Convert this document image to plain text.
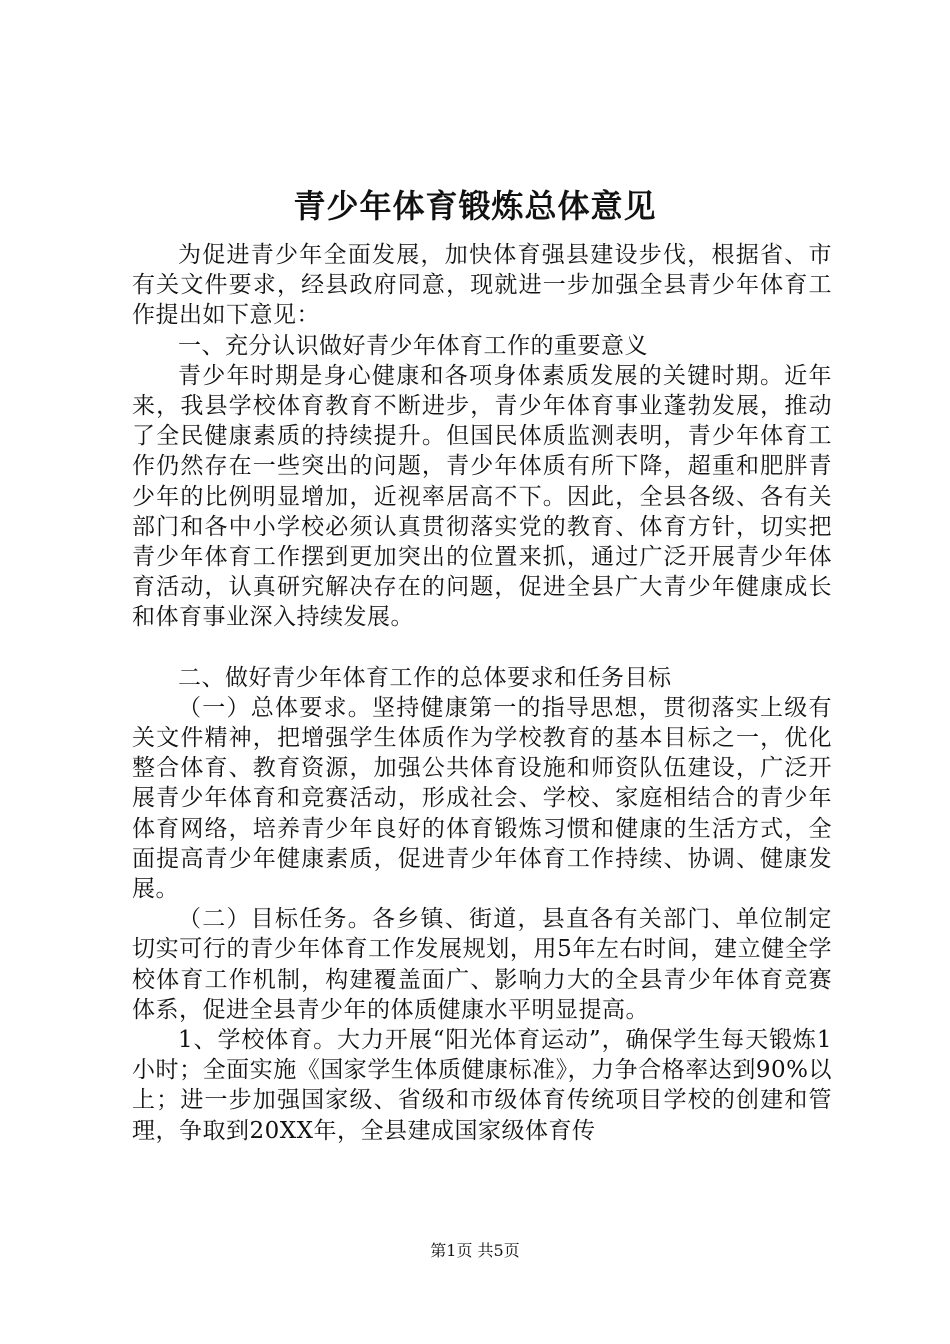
青少年体育锻炼总体意见

为促进青少年全面发展，加快体育强县建设步伐，根据省、市有关文件要求，经县政府同意，现就进一步加强全县青少年体育工作提出如下意见：

一、充分认识做好青少年体育工作的重要意义

青少年时期是身心健康和各项身体素质发展的关键时期。近年来，我县学校体育教育不断进步，青少年体育事业蓬勃发展，推动了全民健康素质的持续提升。但国民体质监测表明，青少年体育工作仍然存在一些突出的问题，青少年体质有所下降，超重和肥胖青少年的比例明显增加，近视率居高不下。因此，全县各级、各有关部门和各中小学校必须认真贯彻落实党的教育、体育方针，切实把青少年体育工作摆到更加突出的位置来抓，通过广泛开展青少年体育活动，认真研究解决存在的问题，促进全县广大青少年健康成长和体育事业深入持续发展。

二、做好青少年体育工作的总体要求和任务目标

（一）总体要求。坚持健康第一的指导思想，贯彻落实上级有关文件精神，把增强学生体质作为学校教育的基本目标之一，优化整合体育、教育资源，加强公共体育设施和师资队伍建设，广泛开展青少年体育和竞赛活动，形成社会、学校、家庭相结合的青少年体育网络，培养青少年良好的体育锻炼习惯和健康的生活方式，全面提高青少年健康素质，促进青少年体育工作持续、协调、健康发展。

（二）目标任务。各乡镇、街道，县直各有关部门、单位制定切实可行的青少年体育工作发展规划，用5年左右时间，建立健全学校体育工作机制，构建覆盖面广、影响力大的全县青少年体育竞赛体系，促进全县青少年的体质健康水平明显提高。

1、学校体育。大力开展“阳光体育运动”，确保学生每天锻炼1小时；全面实施《国家学生体质健康标准》，力争合格率达到90%以上；进一步加强国家级、省级和市级体育传统项目学校的创建和管理，争取到20XX年，全县建成国家级体育传

第1页 共5页
